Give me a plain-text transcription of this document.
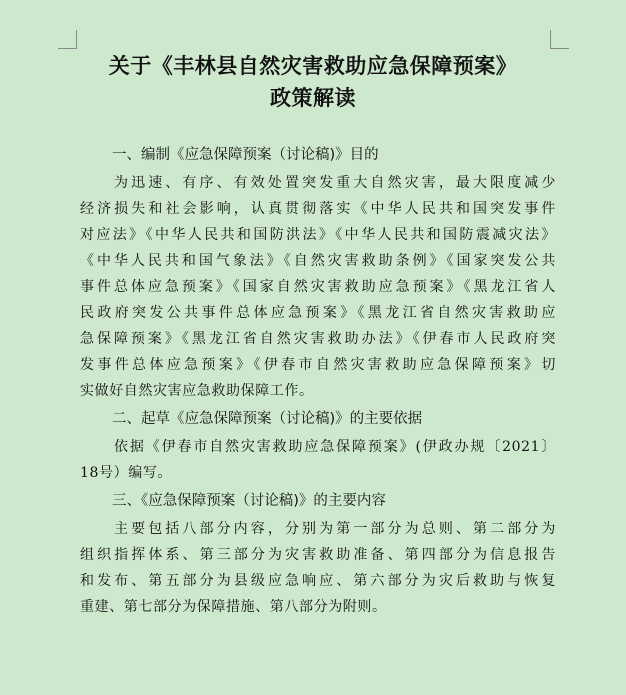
关于《丰林县自然灾害救助应急保障预案》
政策解读

一、编制《应急保障预案（讨论稿)》目的

为迅速、有序、有效处置突发重大自然灾害，最大限度减少
经济损失和社会影响，认真贯彻落实《中华人民共和国突发事件
对应法》《中华人民共和国防洪法》《中华人民共和国防震减灾法》
《中华人民共和国气象法》《自然灾害救助条例》《国家突发公共
事件总体应急预案》《国家自然灾害救助应急预案》《黑龙江省人
民政府突发公共事件总体应急预案》《黑龙江省自然灾害救助应
急保障预案》《黑龙江省自然灾害救助办法》《伊春市人民政府突
发事件总体应急预案》《伊春市自然灾害救助应急保障预案》切
实做好自然灾害应急救助保障工作。

二、起草《应急保障预案（讨论稿)》的主要依据

依据《伊春市自然灾害救助应急保障预案》(伊政办规〔2021〕
18号）编写。

三、《应急保障预案（讨论稿)》的主要内容

主要包括八部分内容，分别为第一部分为总则、第二部分为
组织指挥体系、第三部分为灾害救助准备、第四部分为信息报告
和发布、第五部分为县级应急响应、第六部分为灾后救助与恢复
重建、第七部分为保障措施、第八部分为附则。
